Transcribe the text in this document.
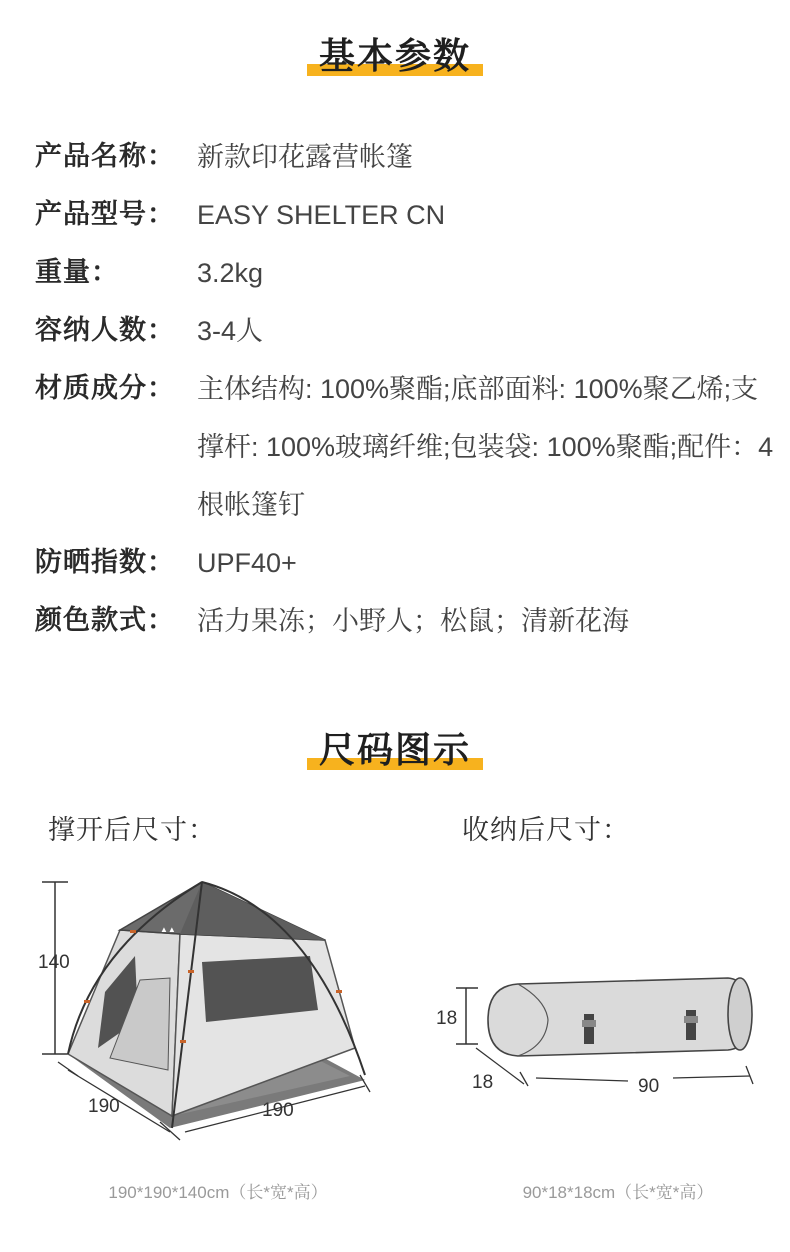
基本参数
产品名称： 新款印花露营帐篷
产品型号： EASY SHELTER CN
重量：	3.2kg
容纳人数： 3-4人
材质成分： 主体结构: 100%聚酯;底部面料: 100%聚乙烯;支撑杆: 100%玻璃纤维;包装袋: 100%聚酯;配件：4根帐篷钉
防晒指数： UPF40+
颜色款式： 活力果冻；小野人；松鼠；清新花海
尺码图示
撑开后尺寸：	收纳后尺寸：
▲▲
140
190	190
18
18	90
190*190*140cm（长*宽*高）	90*18*18cm（长*宽*高）
